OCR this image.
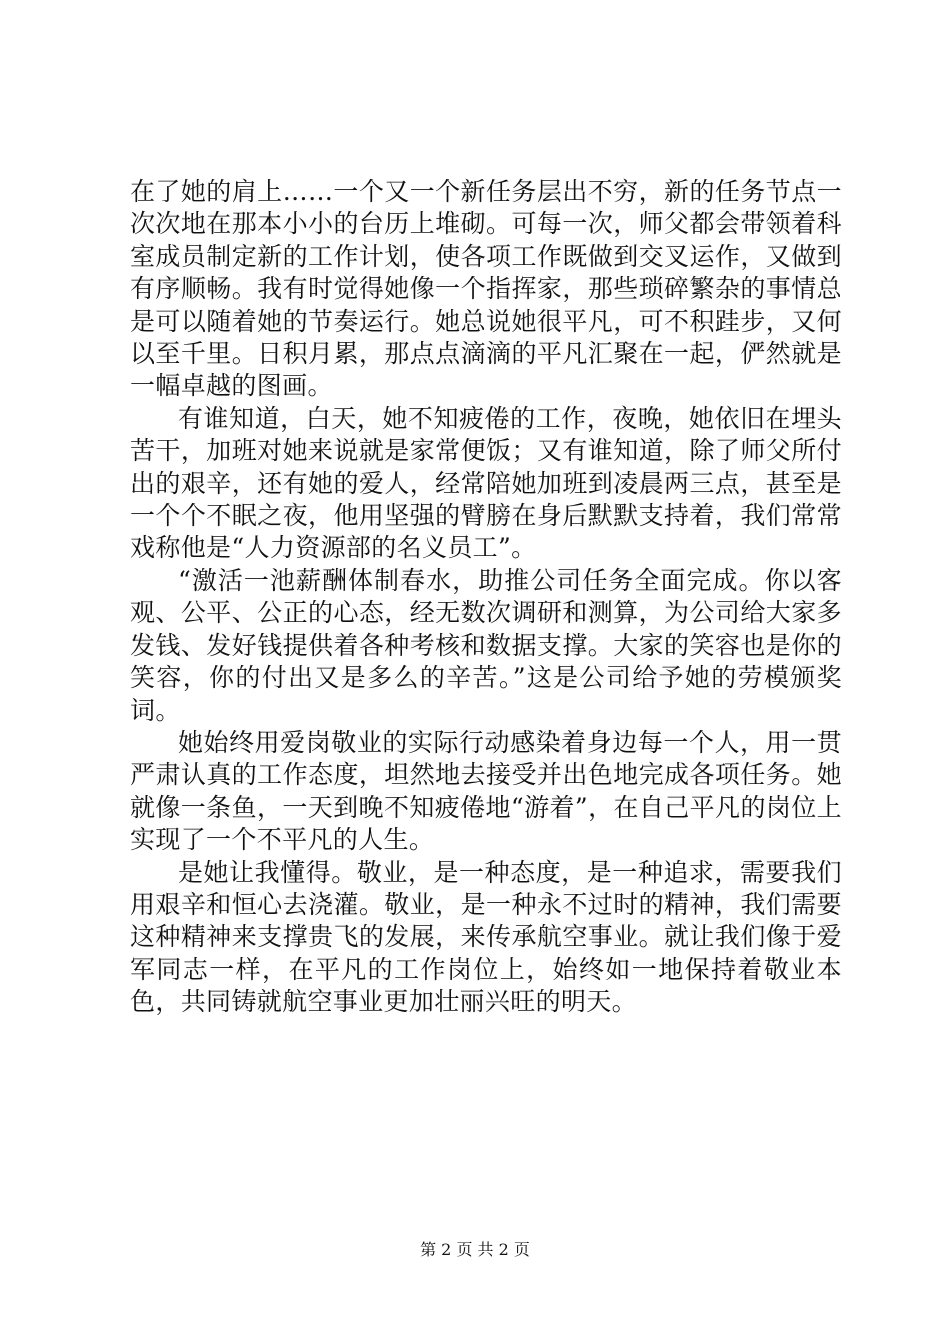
在了她的肩上……一个又一个新任务层出不穷，新的任务节点一次次地在那本小小的台历上堆砌。可每一次，师父都会带领着科室成员制定新的工作计划，使各项工作既做到交叉运作，又做到有序顺畅。我有时觉得她像一个指挥家，那些琐碎繁杂的事情总是可以随着她的节奏运行。她总说她很平凡，可不积跬步，又何以至千里。日积月累，那点点滴滴的平凡汇聚在一起，俨然就是一幅卓越的图画。

有谁知道，白天，她不知疲倦的工作，夜晚，她依旧在埋头苦干，加班对她来说就是家常便饭；又有谁知道，除了师父所付出的艰辛，还有她的爱人，经常陪她加班到凌晨两三点，甚至是一个个不眠之夜，他用坚强的臂膀在身后默默支持着，我们常常戏称他是“人力资源部的名义员工”。

“激活一池薪酬体制春水，助推公司任务全面完成。你以客观、公平、公正的心态，经无数次调研和测算，为公司给大家多发钱、发好钱提供着各种考核和数据支撑。大家的笑容也是你的笑容，你的付出又是多么的辛苦。”这是公司给予她的劳模颁奖词。

她始终用爱岗敬业的实际行动感染着身边每一个人，用一贯严肃认真的工作态度，坦然地去接受并出色地完成各项任务。她就像一条鱼，一天到晚不知疲倦地“游着”，在自己平凡的岗位上实现了一个不平凡的人生。

是她让我懂得。敬业，是一种态度，是一种追求，需要我们用艰辛和恒心去浇灌。敬业，是一种永不过时的精神，我们需要这种精神来支撑贵飞的发展，来传承航空事业。就让我们像于爱军同志一样，在平凡的工作岗位上，始终如一地保持着敬业本色，共同铸就航空事业更加壮丽兴旺的明天。

第 2 页 共 2 页
